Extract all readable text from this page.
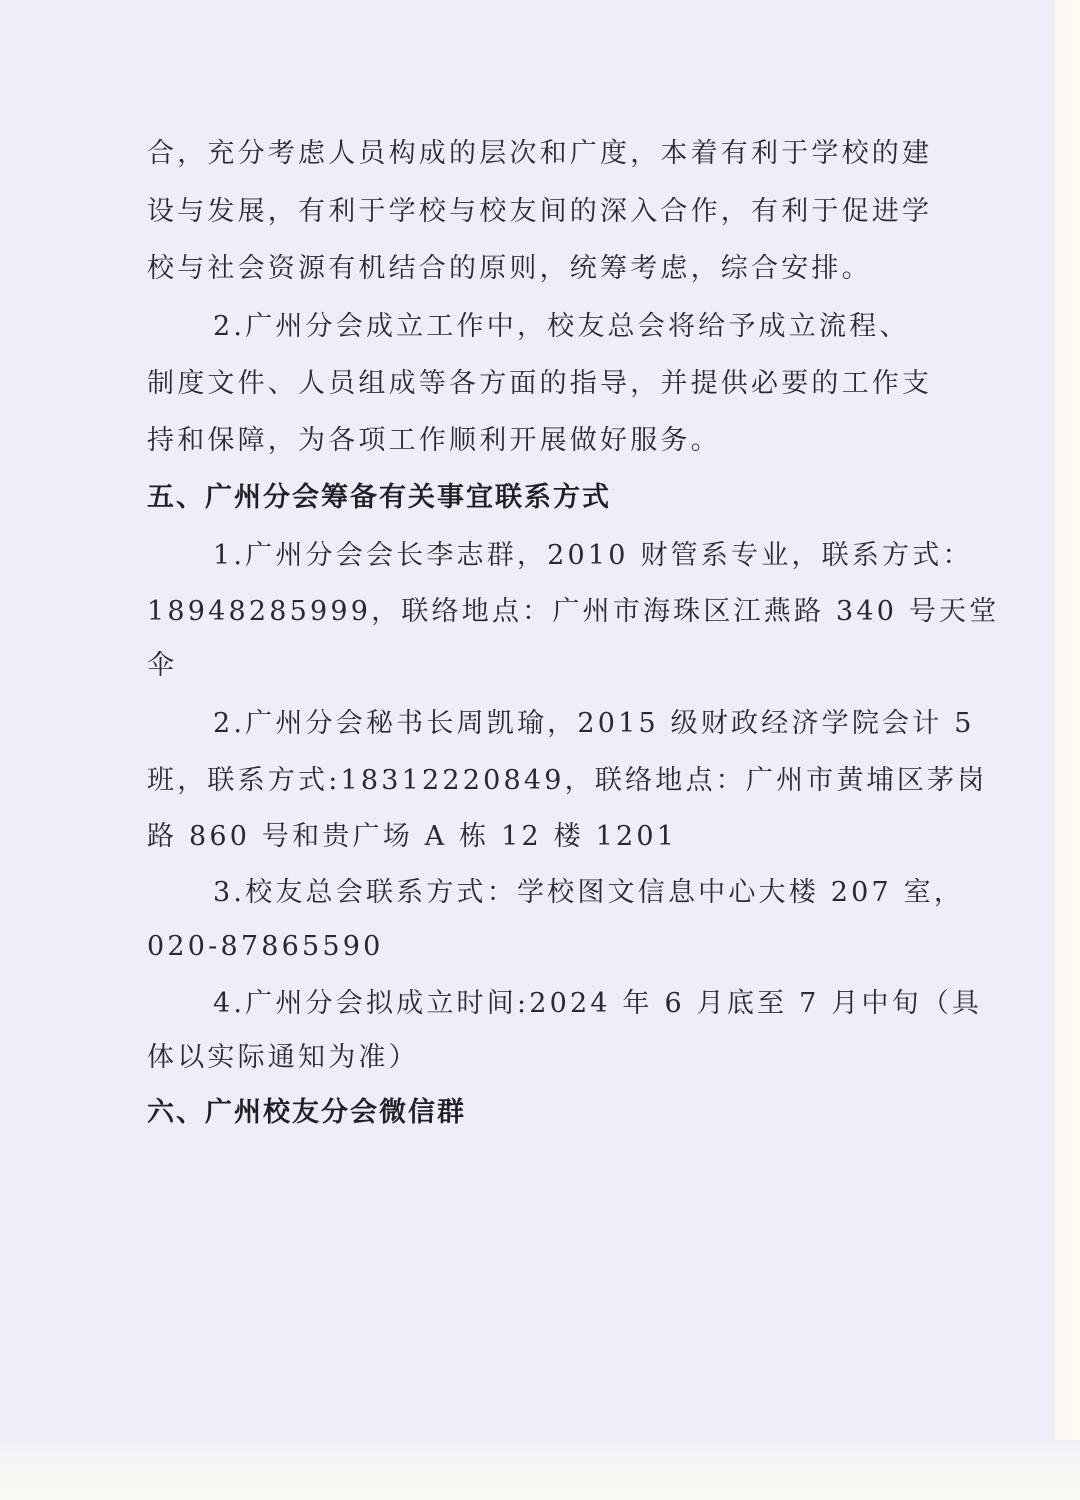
合，充分考虑人员构成的层次和广度，本着有利于学校的建
设与发展，有利于学校与校友间的深入合作，有利于促进学
校与社会资源有机结合的原则，统筹考虑，综合安排。
2.广州分会成立工作中，校友总会将给予成立流程、
制度文件、人员组成等各方面的指导，并提供必要的工作支
持和保障，为各项工作顺利开展做好服务。
五、广州分会筹备有关事宜联系方式
1.广州分会会长李志群，2010 财管系专业，联系方式：
18948285999，联络地点：广州市海珠区江燕路 340 号天堂
伞
2.广州分会秘书长周凯瑜，2015 级财政经济学院会计 5
班，联系方式:18312220849，联络地点：广州市黄埔区茅岗
路 860 号和贵广场 A 栋 12 楼 1201
3.校友总会联系方式：学校图文信息中心大楼 207 室，
020-87865590
4.广州分会拟成立时间:2024 年 6 月底至 7 月中旬（具
体以实际通知为准）
六、广州校友分会微信群
